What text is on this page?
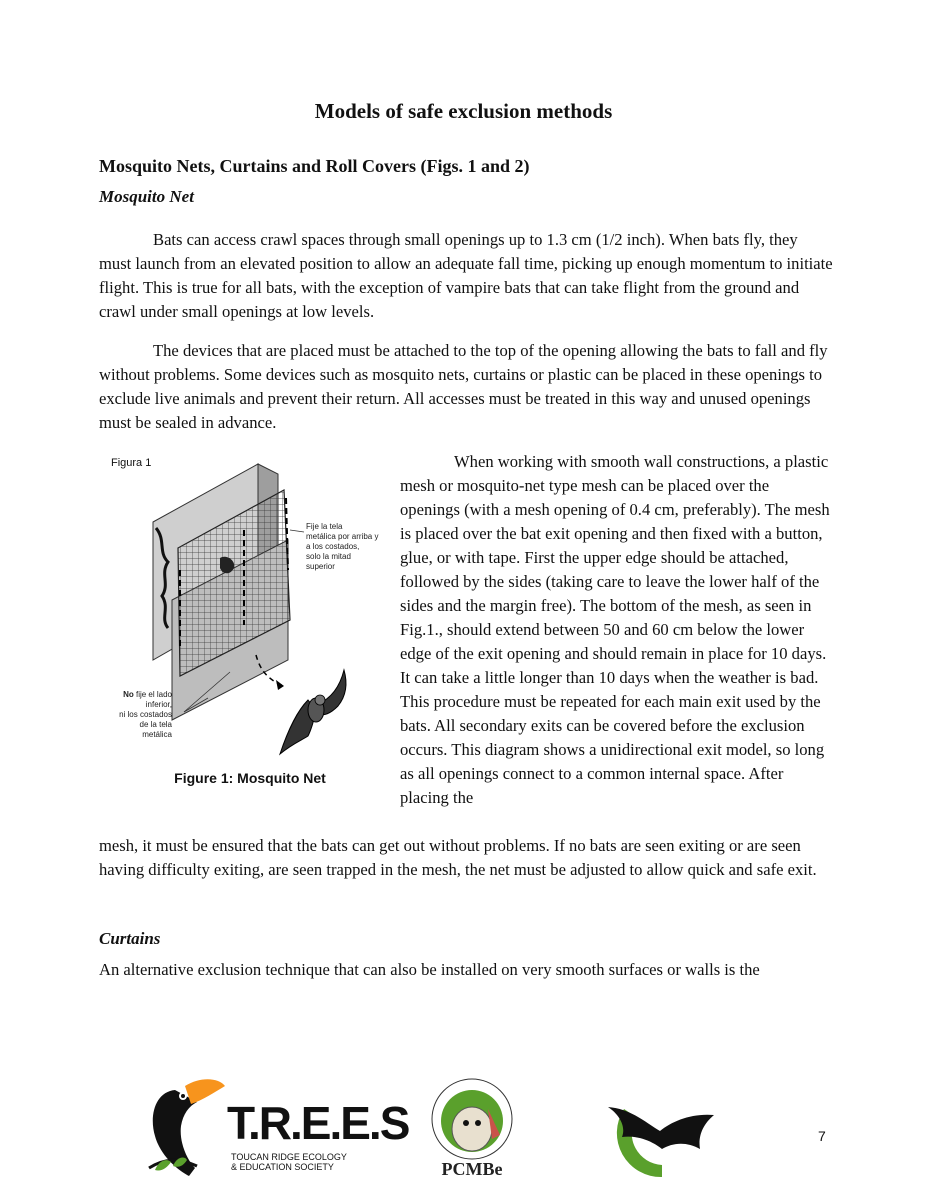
Models of safe exclusion methods
Mosquito Nets, Curtains and Roll Covers (Figs. 1 and 2)
Mosquito Net

Bats can access crawl spaces through small openings up to 1.3 cm (1/2 inch). When bats fly, they must launch from an elevated position to allow an adequate fall time, picking up enough momentum to initiate flight. This is true for all bats, with the exception of vampire bats that can take flight from the ground and crawl under small openings at low levels.

The devices that are placed must be attached to the top of the opening allowing the bats to fall and fly without problems. Some devices such as mosquito nets, curtains or plastic can be placed in these openings to exclude live animals and prevent their return. All accesses must be treated in this way and unused openings must be sealed in advance.

Figura 1
Fije la tela
metálica por arriba y
a los costados,
solo la mitad
superior
No fije el lado
inferior,
ni los costados
de la tela
metálica
Figure 1: Mosquito Net

When working with smooth wall constructions, a plastic mesh or mosquito-net type mesh can be placed over the openings (with a mesh opening of 0.4 cm, preferably). The mesh is placed over the bat exit opening and then fixed with a button, glue, or with tape. First the upper edge should be attached, followed by the sides (taking care to leave the lower half of the sides and the margin free). The bottom of the mesh, as seen in Fig.1., should extend between 50 and 60 cm below the lower edge of the exit opening and should remain in place for 10 days. It can take a little longer than 10 days when the weather is bad. This procedure must be repeated for each main exit used by the bats. All secondary exits can be covered before the exclusion occurs. This diagram shows a unidirectional exit model, so long as all openings connect to a common internal space. After placing the

mesh, it must be ensured that the bats can get out without problems. If no bats are seen exiting or are seen having difficulty exiting, are seen trapped in the mesh, the net must be adjusted to allow quick and safe exit.

Curtains

An alternative exclusion technique that can also be installed on very smooth surfaces or walls is the

T.R.E.E.S
TOUCAN RIDGE ECOLOGY
& EDUCATION SOCIETY	PCMBe
7
